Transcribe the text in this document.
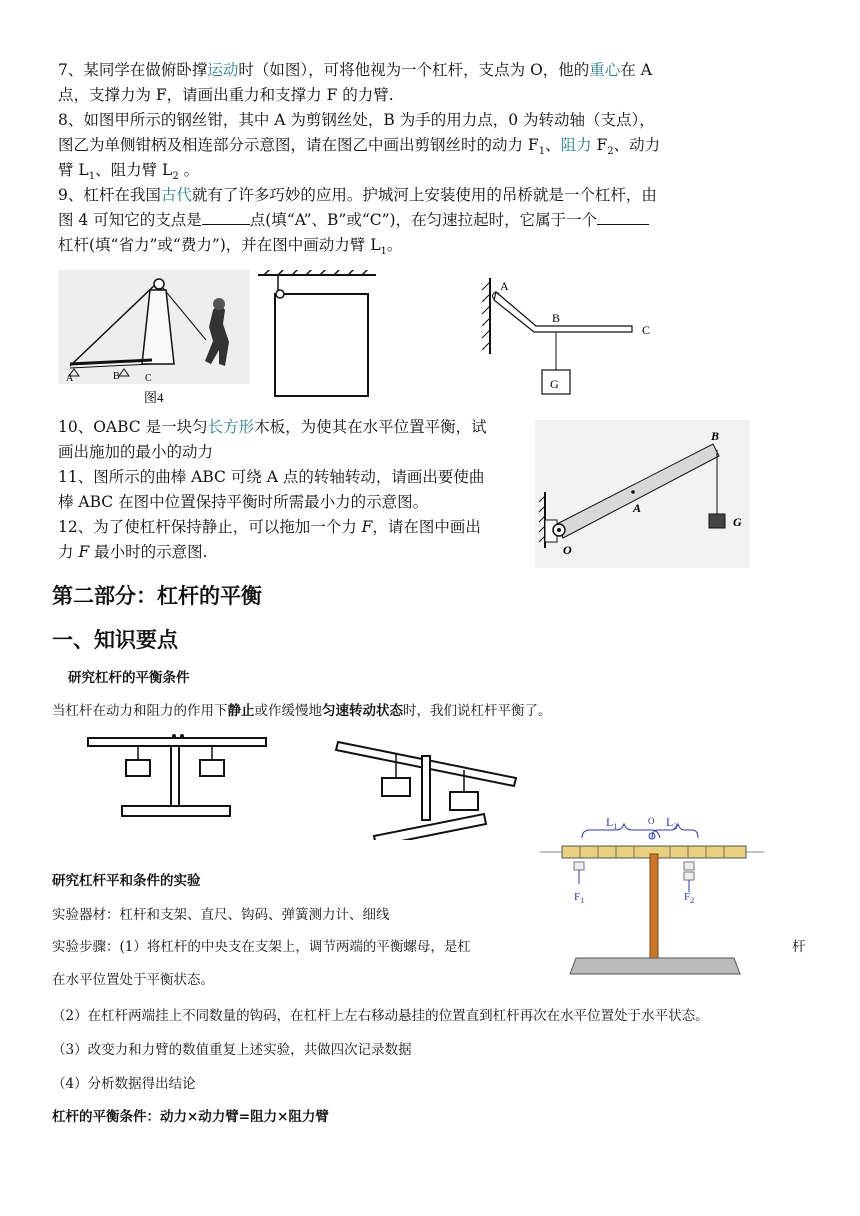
7、某同学在做俯卧撑运动时（如图），可将他视为一个杠杆，支点为 O，他的重心在 A
点，支撑力为 F，请画出重力和支撑力 F 的力臂.
8、如图甲所示的钢丝钳，其中 A 为剪钢丝处，B 为手的用力点，0 为转动轴（支点），
图乙为单侧钳柄及相连部分示意图，请在图乙中画出剪钢丝时的动力 $F_1$、阻力 $F_2$、动力
臂 $L_1$、阻力臂 $L_2$ 。
9、杠杆在我国古代就有了许多巧妙的应用。护城河上安装使用的吊桥就是一个杠杆，由
图 4 可知它的支点是	点(填“A”、B”或“C”)，在匀速拉起时，它属于一个
杠杆(填“省力”或“费力”)，并在图中画动力臂 $L_1$。
A	B	C
图4
A
B
C
G
10、OABC 是一块匀长方形木板，为使其在水平位置平衡，试
画出施加的最小的动力
11、图所示的曲棒 ABC 可绕 A 点的转轴转动，请画出要使曲
棒 ABC 在图中位置保持平衡时所需最小力的示意图。
12、为了使杠杆保持静止，可以拖加一个力 F，请在图中画出
力 F 最小时的示意图.
B
A
G
O
第二部分：杠杆的平衡
一、知识要点
研究杠杆的平衡条件
当杠杆在动力和阻力的作用下静止或作缓慢地匀速转动状态时，我们说杠杆平衡了。
$L_1$
O $L_2$
$F_1$	$F_2$
研究杠杆平和条件的实验
实验器材：杠杆和支架、直尺、钩码、弹簧测力计、细线
实验步骤：(1）将杠杆的中央支在支架上，调节两端的平衡螺母，是杠	杆
在水平位置处于平衡状态。
（2）在杠杆两端挂上不同数量的钩码，在杠杆上左右移动悬挂的位置直到杠杆再次在水平位置处于水平状态。
（3）改变力和力臂的数值重复上述实验，共做四次记录数据
（4）分析数据得出结论
杠杆的平衡条件：动力×动力臂=阻力×阻力臂
